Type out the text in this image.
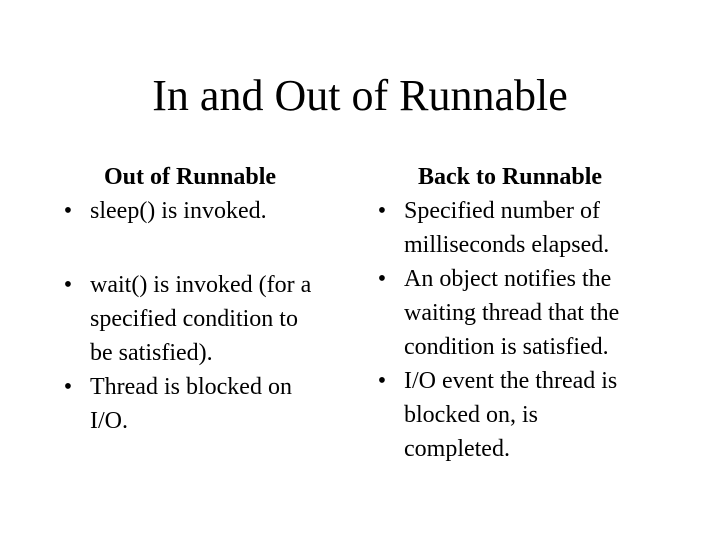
In and Out of Runnable
Out of Runnable
• sleep() is invoked.
• wait() is invoked (for a
specified condition to
be satisfied).
• Thread is blocked on
I/O.
Back to Runnable
• Specified number of
milliseconds elapsed.
• An object notifies the
waiting thread that the
condition is satisfied.
• I/O event the thread is
blocked on, is
completed.
